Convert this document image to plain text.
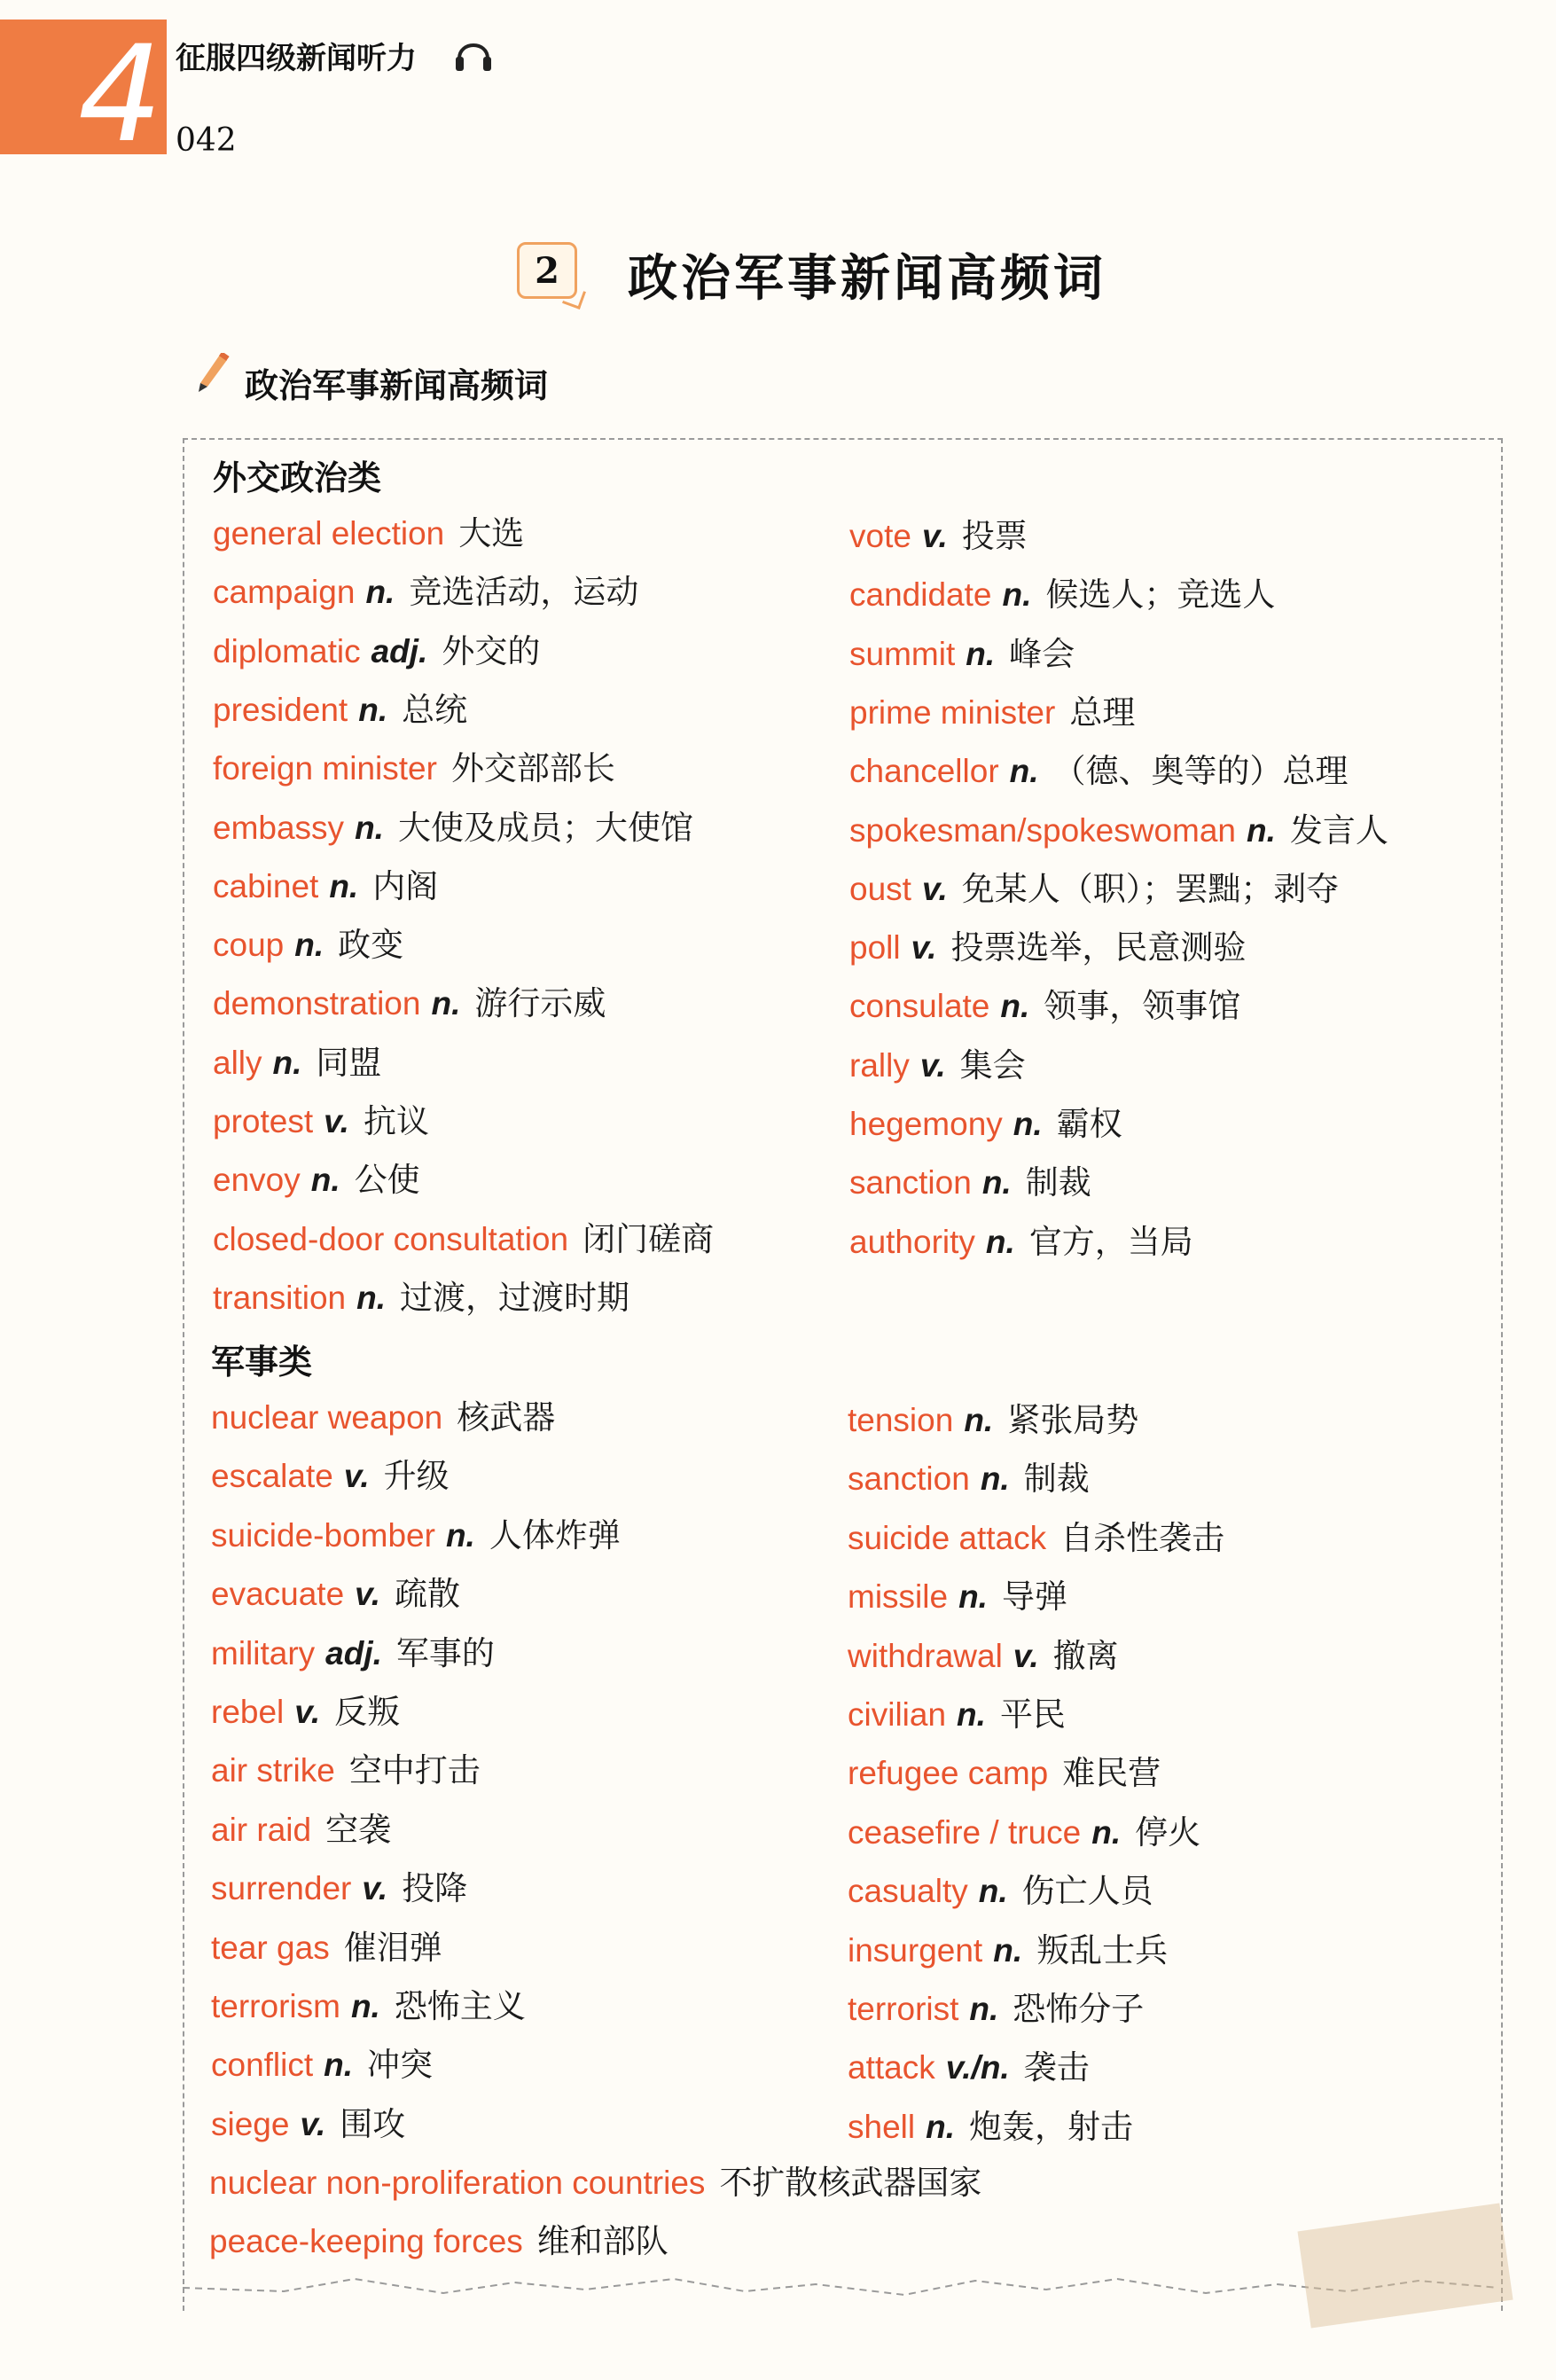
4 征服四级新闻听力
042
2	政治军事新闻高频词
政治军事新闻高频词
外交政治类
军事类
general election 大选
campaign n. 竞选活动，运动
diplomatic adj. 外交的
president n. 总统
foreign minister 外交部部长
embassy n. 大使及成员；大使馆
cabinet n. 内阁
coup n. 政变
demonstration n. 游行示威
ally n. 同盟
protest v. 抗议
envoy n. 公使
closed-door consultation 闭门磋商
transition n. 过渡，过渡时期
vote v. 投票
candidate n. 候选人；竞选人
summit n. 峰会
prime minister 总理
chancellor n. （德、奥等的）总理
spokesman/spokeswoman n. 发言人
oust v. 免某人（职）；罢黜；剥夺
poll v. 投票选举，民意测验
consulate n. 领事，领事馆
rally v. 集会
hegemony n. 霸权
sanction n. 制裁
authority n. 官方，当局
nuclear weapon 核武器
escalate v. 升级
suicide-bomber n. 人体炸弹
evacuate v. 疏散
military adj. 军事的
rebel v. 反叛
air strike 空中打击
air raid 空袭
surrender v. 投降
tear gas 催泪弹
terrorism n. 恐怖主义
conflict n. 冲突
siege v. 围攻
tension n. 紧张局势
sanction n. 制裁
suicide attack 自杀性袭击
missile n. 导弹
withdrawal v. 撤离
civilian n. 平民
refugee camp 难民营
ceasefire / truce n. 停火
casualty n. 伤亡人员
insurgent n. 叛乱士兵
terrorist n. 恐怖分子
attack v./n. 袭击
shell n. 炮轰，射击
nuclear non-proliferation countries 不扩散核武器国家
peace-keeping forces 维和部队
